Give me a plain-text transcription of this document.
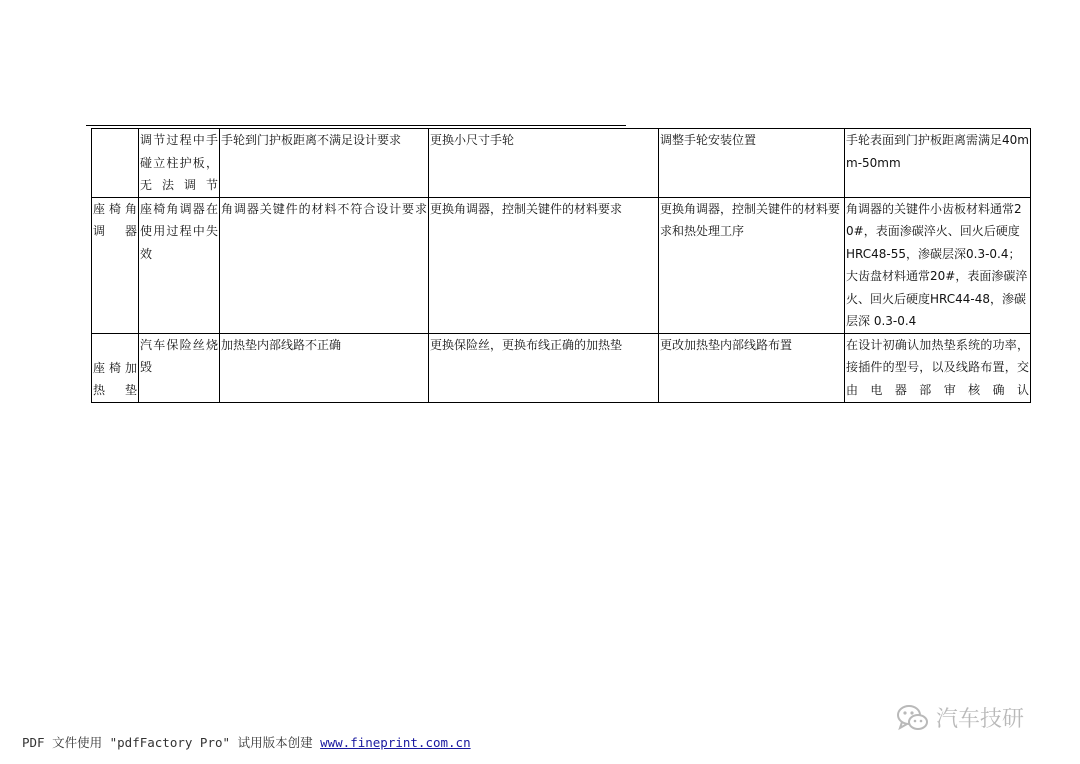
	调节过程中手碰立柱护板，无法调节	手轮到门护板距离不满足设计要求	更换小尺寸手轮	调整手轮安装位置	手轮表面到门护板距离需满足40mm-50mm
座椅角调器	座椅角调器在使用过程中失效	角调器关键件的材料不符合设计要求	更换角调器，控制关键件的材料要求	更换角调器，控制关键件的材料要求和热处理工序	角调器的关键件小齿板材料通常20#，表面渗碳淬火、回火后硬度 HRC48-55，渗碳层深0.3-0.4；大齿盘材料通常20#，表面渗碳淬火、回火后硬度HRC44-48，渗碳层深 0.3-0.4
座椅加热垫	汽车保险丝烧毁	加热垫内部线路不正确	更换保险丝，更换布线正确的加热垫	更改加热垫内部线路布置	在设计初确认加热垫系统的功率，接插件的型号，以及线路布置，交由电器部审核确认
汽车技研
PDF 文件使用 "pdfFactory Pro" 试用版本创建 www.fineprint.com.cn
